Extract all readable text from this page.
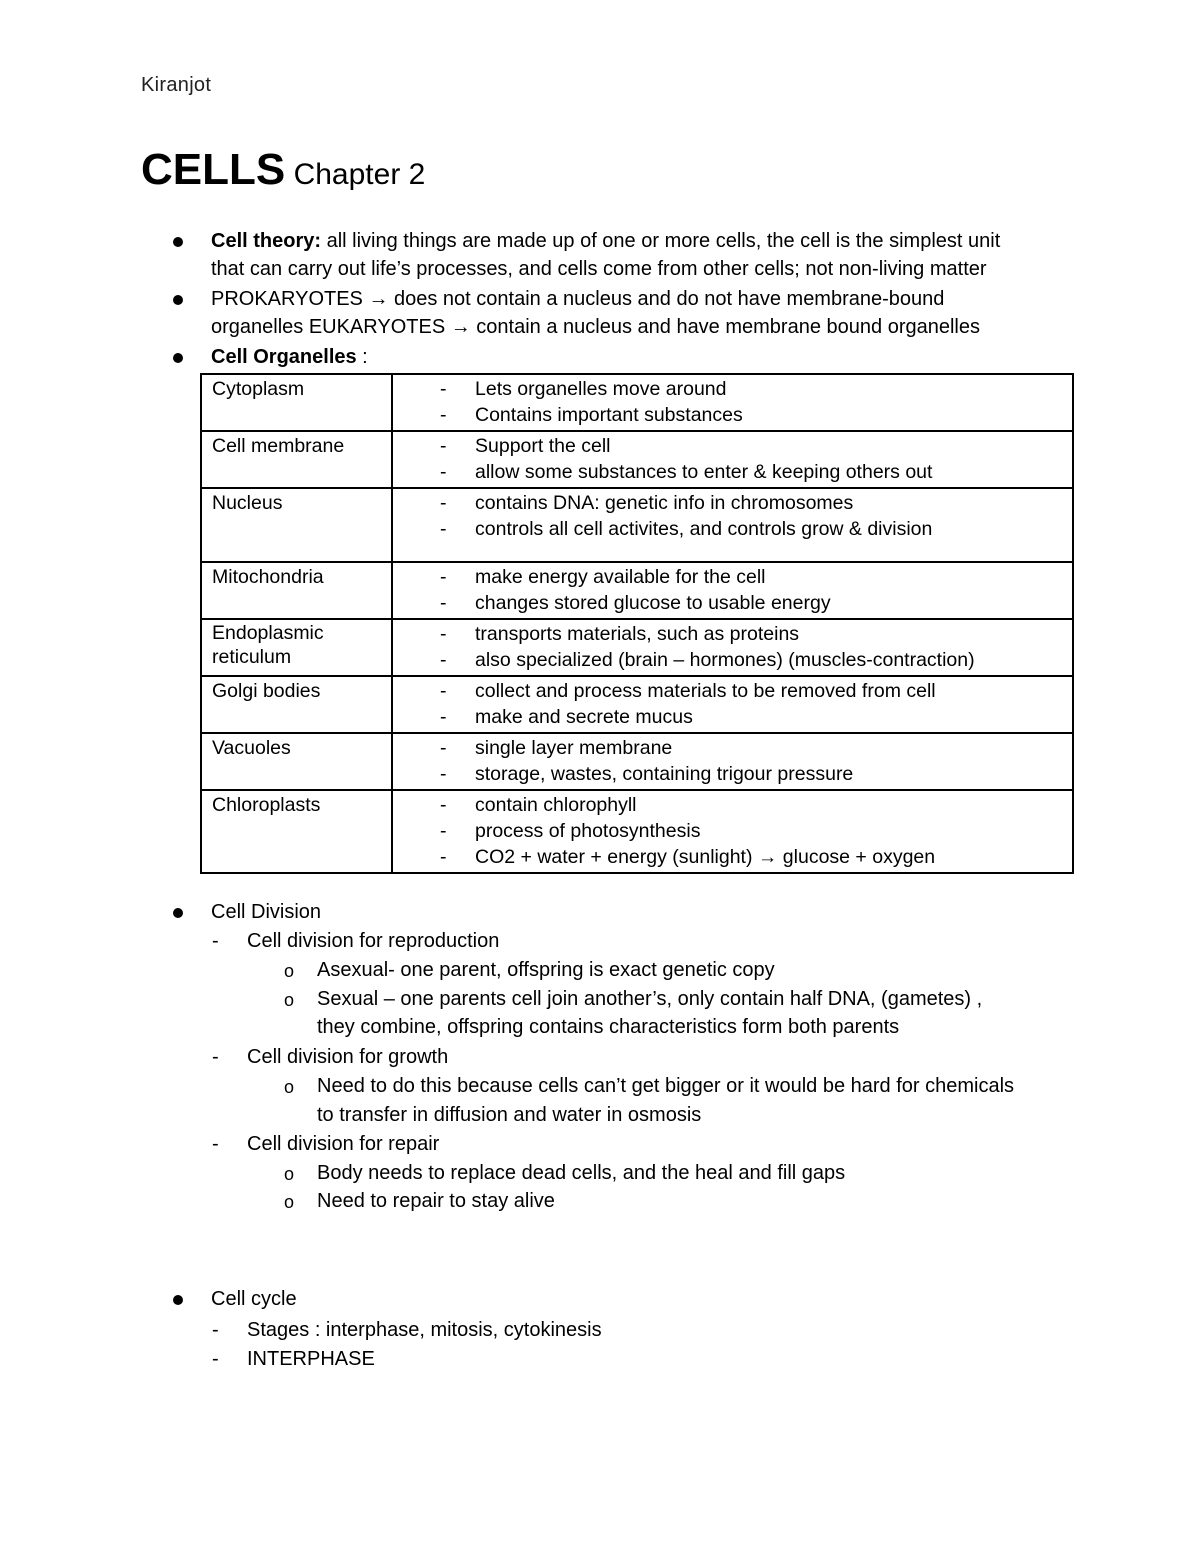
Kiranjot
CELLS Chapter 2
Cell theory: all living things are made up of one or more cells, the cell is the simplest unit
that can carry out life’s processes, and cells come from other cells; not non-living matter
PROKARYOTES → does not contain a nucleus and do not have membrane-bound
organelles EUKARYOTES → contain a nucleus and have membrane bound organelles
Cell Organelles :
Cytoplasm	- Lets organelles move around
- Contains important substances

Cell membrane	- Support the cell
- allow some substances to enter & keeping others out

Nucleus	- contains DNA: genetic info in chromosomes
- controls all cell activites, and controls grow & division

Mitochondria	- make energy available for the cell
- changes stored glucose to usable energy

Endoplasmic reticulum	- transports materials, such as proteins
- also specialized (brain – hormones) (muscles-contraction)

Golgi bodies	- collect and process materials to be removed from cell
- make and secrete mucus

Vacuoles	- single layer membrane
- storage, wastes, containing trigour pressure

Chloroplasts	- contain chlorophyll
- process of photosynthesis
- CO2 + water + energy (sunlight) → glucose + oxygen
Cell Division
- Cell division for reproduction
o Asexual- one parent, offspring is exact genetic copy
o Sexual – one parents cell join another’s, only contain half DNA, (gametes) ,
they combine, offspring contains characteristics form both parents
- Cell division for growth
o Need to do this because cells can’t get bigger or it would be hard for chemicals
to transfer in diffusion and water in osmosis
- Cell division for repair
o Body needs to replace dead cells, and the heal and fill gaps
o Need to repair to stay alive
Cell cycle
- Stages : interphase, mitosis, cytokinesis
- INTERPHASE
